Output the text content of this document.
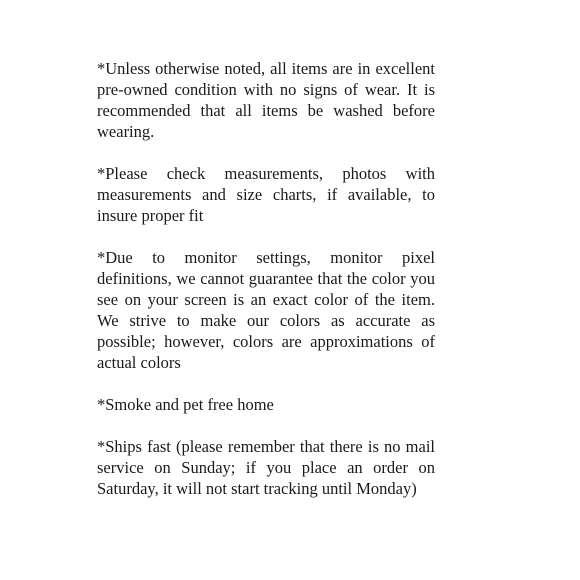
*Unless otherwise noted, all items are in excellent pre-owned condition with no signs of wear. It is recommended that all items be washed before wearing.

*Please check measurements, photos with measurements and size charts, if available, to insure proper fit

*Due to monitor settings, monitor pixel definitions, we cannot guarantee that the color you see on your screen is an exact color of the item. We strive to make our colors as accurate as possible; however, colors are approximations of actual colors

*Smoke and pet free home

*Ships fast (please remember that there is no mail service on Sunday; if you place an order on Saturday, it will not start tracking until Monday)
